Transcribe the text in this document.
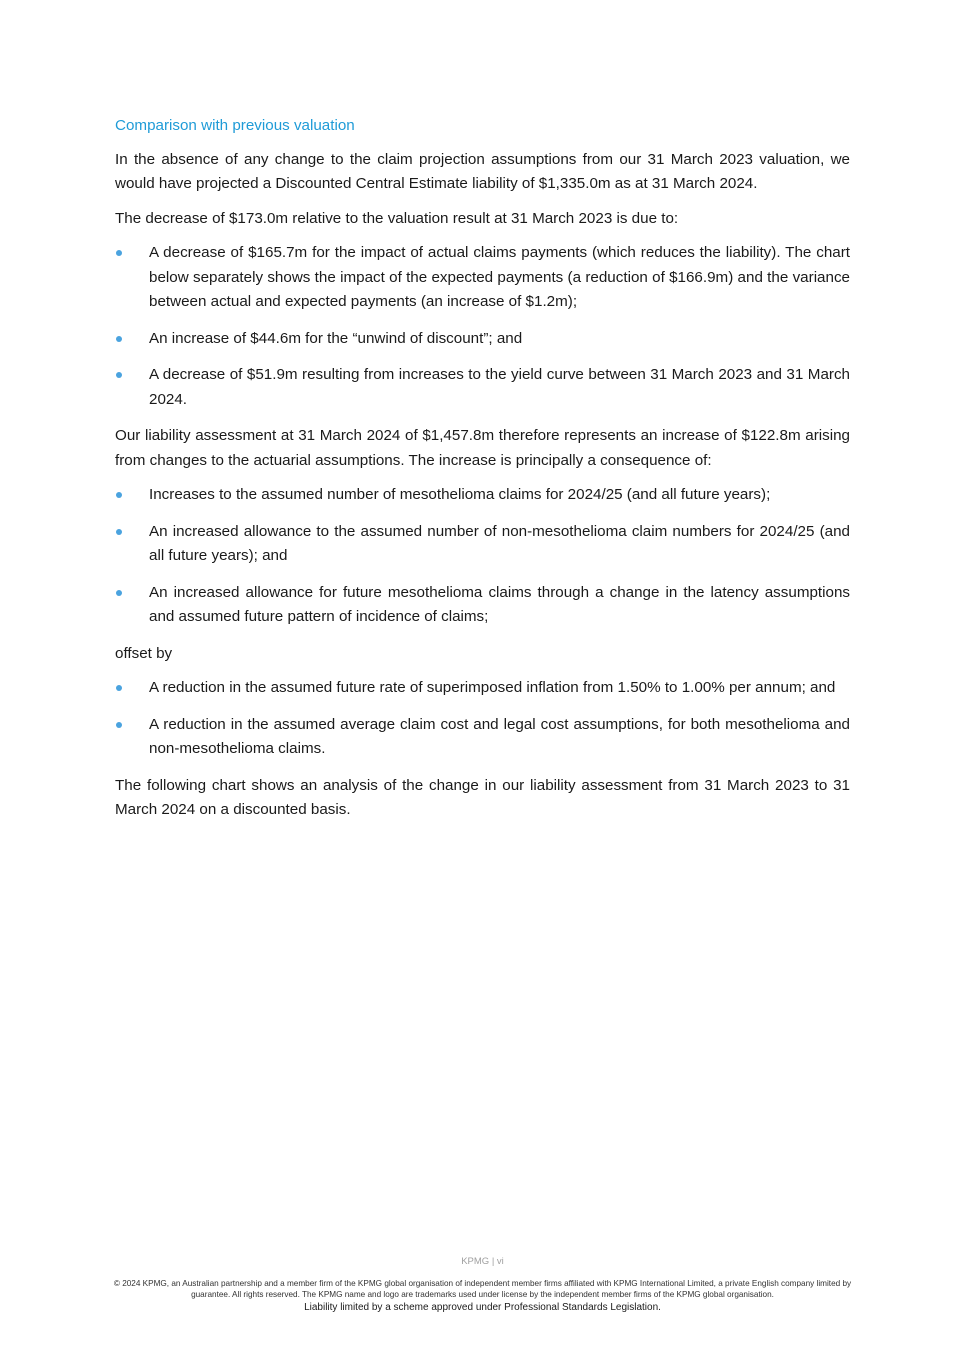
Comparison with previous valuation

In the absence of any change to the claim projection assumptions from our 31 March 2023 valuation, we would have projected a Discounted Central Estimate liability of $1,335.0m as at 31 March 2024.

The decrease of $173.0m relative to the valuation result at 31 March 2023 is due to:

A decrease of $165.7m for the impact of actual claims payments (which reduces the liability). The chart below separately shows the impact of the expected payments (a reduction of $166.9m) and the variance between actual and expected payments (an increase of $1.2m);
An increase of $44.6m for the “unwind of discount”; and
A decrease of $51.9m resulting from increases to the yield curve between 31 March 2023 and 31 March 2024.

Our liability assessment at 31 March 2024 of $1,457.8m therefore represents an increase of $122.8m arising from changes to the actuarial assumptions. The increase is principally a consequence of:

Increases to the assumed number of mesothelioma claims for 2024/25 (and all future years);
An increased allowance to the assumed number of non-mesothelioma claim numbers for 2024/25 (and all future years); and
An increased allowance for future mesothelioma claims through a change in the latency assumptions and assumed future pattern of incidence of claims;

offset by

A reduction in the assumed future rate of superimposed inflation from 1.50% to 1.00% per annum; and
A reduction in the assumed average claim cost and legal cost assumptions, for both mesothelioma and non-mesothelioma claims.

The following chart shows an analysis of the change in our liability assessment from 31 March 2023 to 31 March 2024 on a discounted basis.

KPMG | vi
© 2024 KPMG, an Australian partnership and a member firm of the KPMG global organisation of independent member firms affiliated with KPMG International Limited, a private English company limited by guarantee. All rights reserved. The KPMG name and logo are trademarks used under license by the independent member firms of the KPMG global organisation.
Liability limited by a scheme approved under Professional Standards Legislation.
